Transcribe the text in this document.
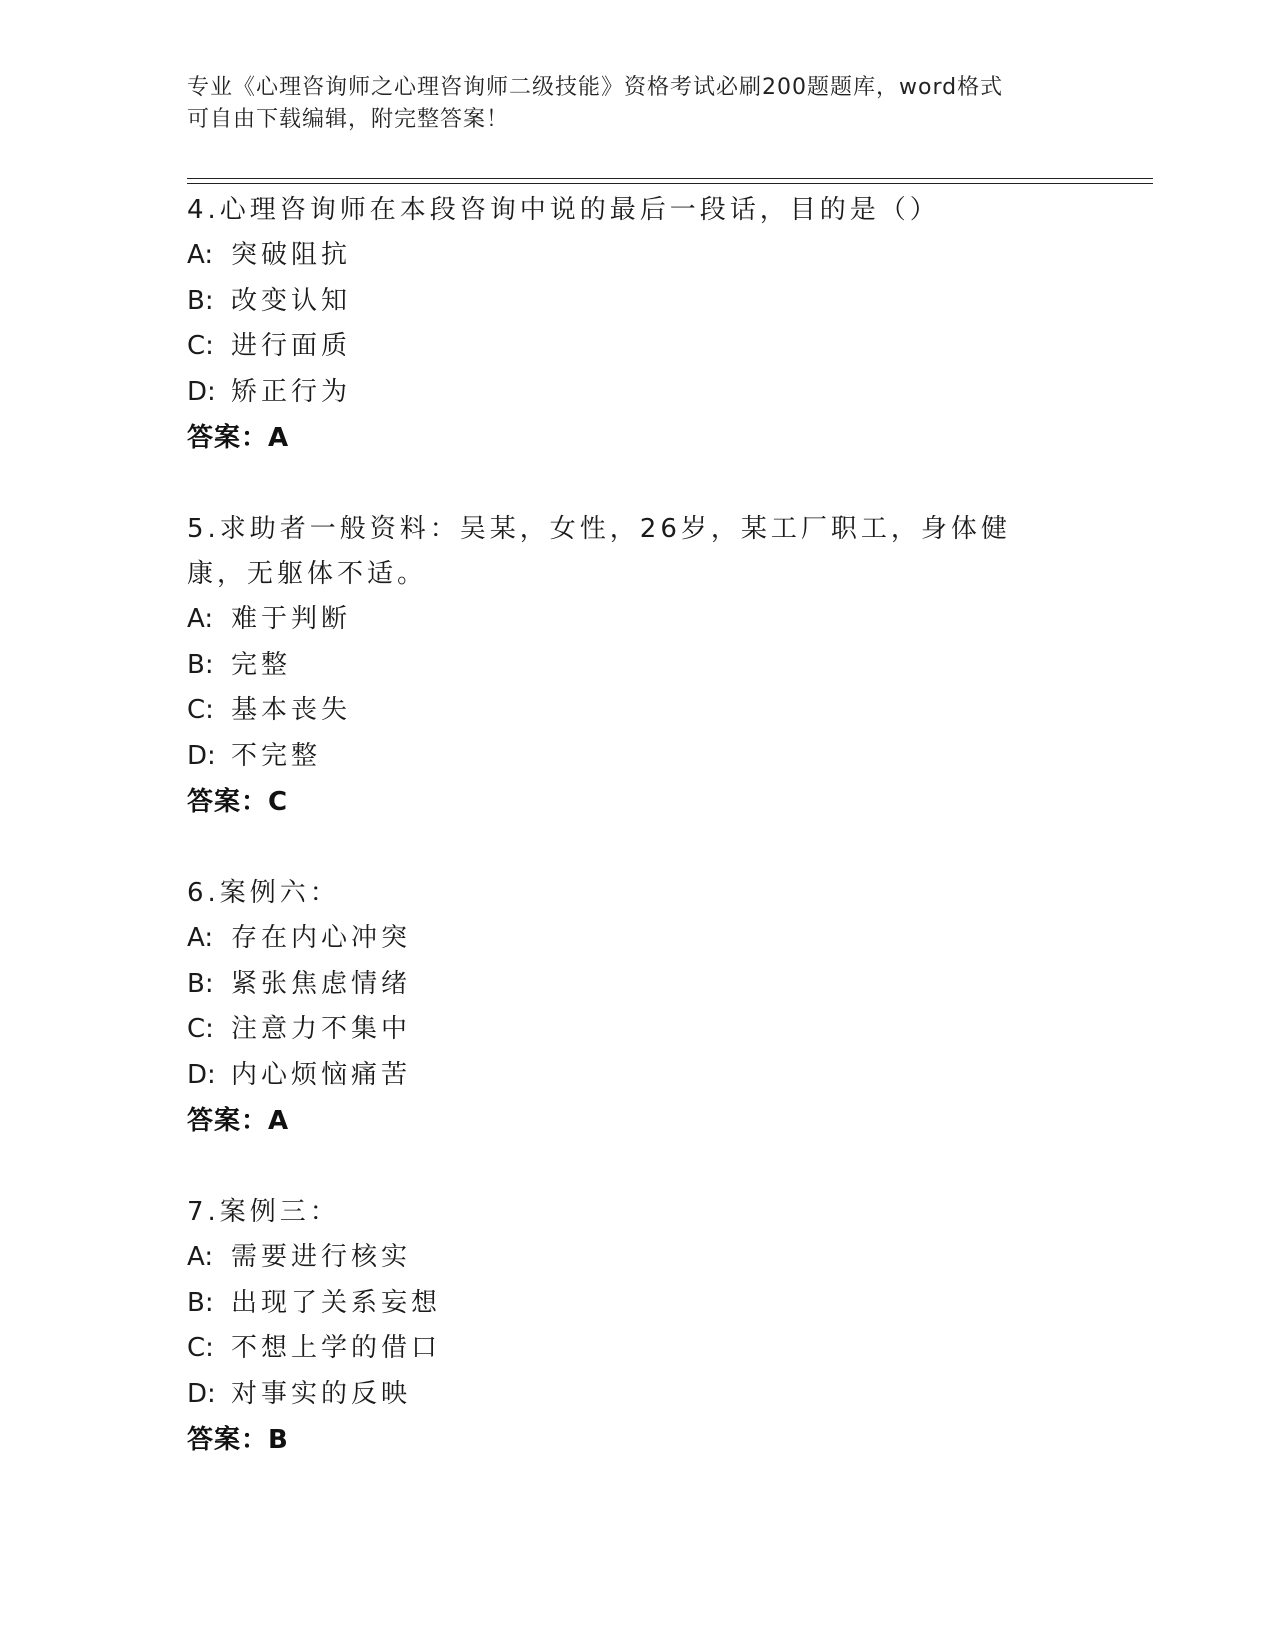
专业《心理咨询师之心理咨询师二级技能》资格考试必刷200题题库，word格式

可自由下载编辑，附完整答案！

4.心理咨询师在本段咨询中说的最后一段话，目的是（）
A: 突破阻抗
B: 改变认知
C: 进行面质
D: 矫正行为
答案：A
5.求助者一般资料：吴某，女性，26岁，某工厂职工，身体健康，无躯体不适。
A: 难于判断
B: 完整
C: 基本丧失
D: 不完整
答案：C
6.案例六：
A: 存在内心冲突
B: 紧张焦虑情绪
C: 注意力不集中
D: 内心烦恼痛苦
答案：A
7.案例三：
A: 需要进行核实
B: 出现了关系妄想
C: 不想上学的借口
D: 对事实的反映
答案：B
